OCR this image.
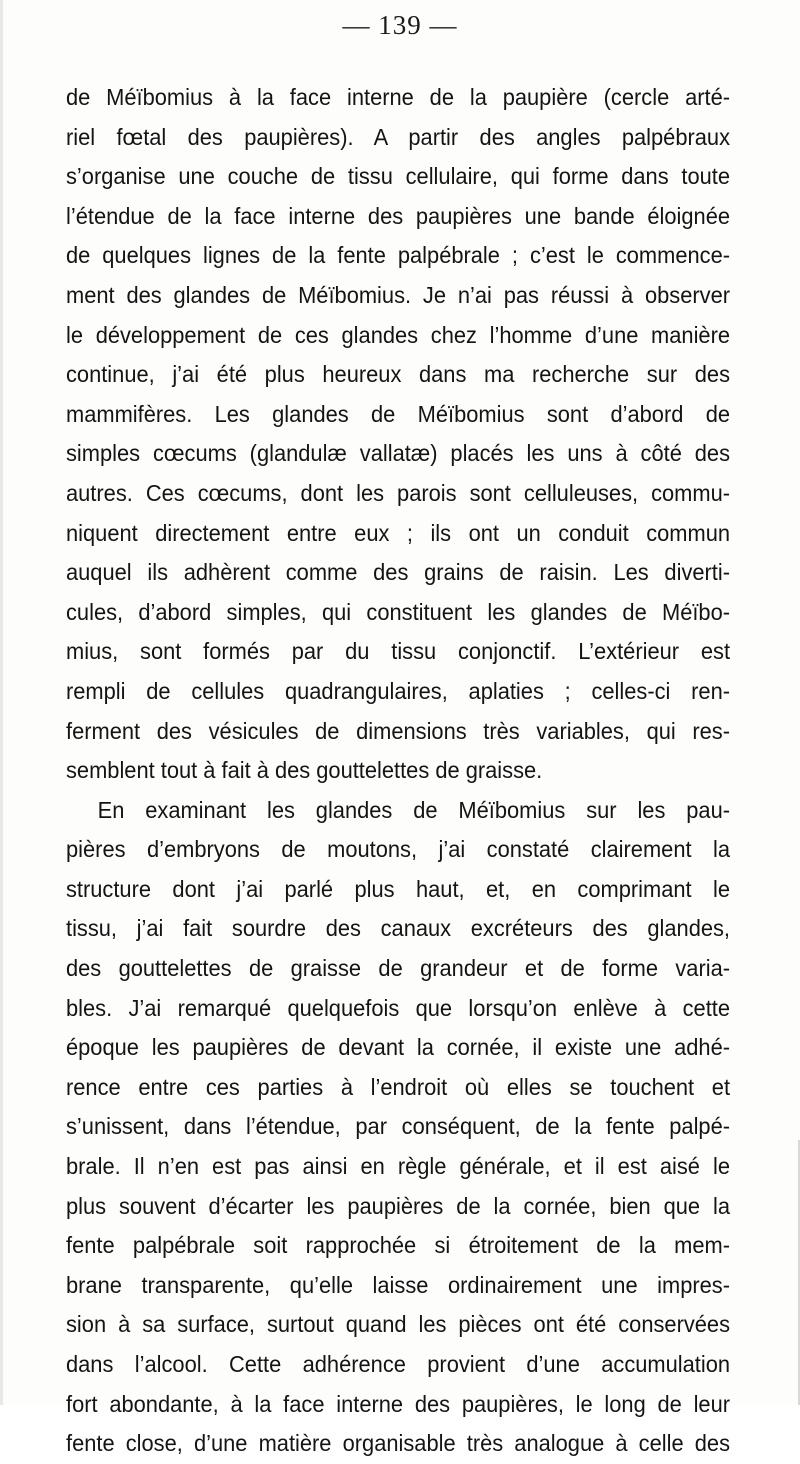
— 139 —
de Méïbomius à la face interne de la paupière (cercle arté-
riel fœtal des paupières). A partir des angles palpébraux
s’organise une couche de tissu cellulaire, qui forme dans toute
l’étendue de la face interne des paupières une bande éloignée
de quelques lignes de la fente palpébrale ; c’est le commence-
ment des glandes de Méïbomius. Je n’ai pas réussi à observer
le développement de ces glandes chez l’homme d’une manière
continue, j’ai été plus heureux dans ma recherche sur des
mammifères. Les glandes de Méïbomius sont d’abord de
simples cœcums (glandulæ vallatæ) placés les uns à côté des
autres. Ces cœcums, dont les parois sont celluleuses, commu-
niquent directement entre eux ; ils ont un conduit commun
auquel ils adhèrent comme des grains de raisin. Les diverti-
cules, d’abord simples, qui constituent les glandes de Méïbo-
mius, sont formés par du tissu conjonctif. L’extérieur est
rempli de cellules quadrangulaires, aplaties ; celles-ci ren-
ferment des vésicules de dimensions très variables, qui res-
semblent tout à fait à des gouttelettes de graisse.
En examinant les glandes de Méïbomius sur les pau-
pières d’embryons de moutons, j’ai constaté clairement la
structure dont j’ai parlé plus haut, et, en comprimant le
tissu, j’ai fait sourdre des canaux excréteurs des glandes,
des gouttelettes de graisse de grandeur et de forme varia-
bles. J’ai remarqué quelquefois que lorsqu’on enlève à cette
époque les paupières de devant la cornée, il existe une adhé-
rence entre ces parties à l’endroit où elles se touchent et
s’unissent, dans l’étendue, par conséquent, de la fente palpé-
brale. Il n’en est pas ainsi en règle générale, et il est aisé le
plus souvent d’écarter les paupières de la cornée, bien que la
fente palpébrale soit rapprochée si étroitement de la mem-
brane transparente, qu’elle laisse ordinairement une impres-
sion à sa surface, surtout quand les pièces ont été conservées
dans l’alcool. Cette adhérence provient d’une accumulation
fort abondante, à la face interne des paupières, le long de leur
fente close, d’une matière organisable très analogue à celle des
